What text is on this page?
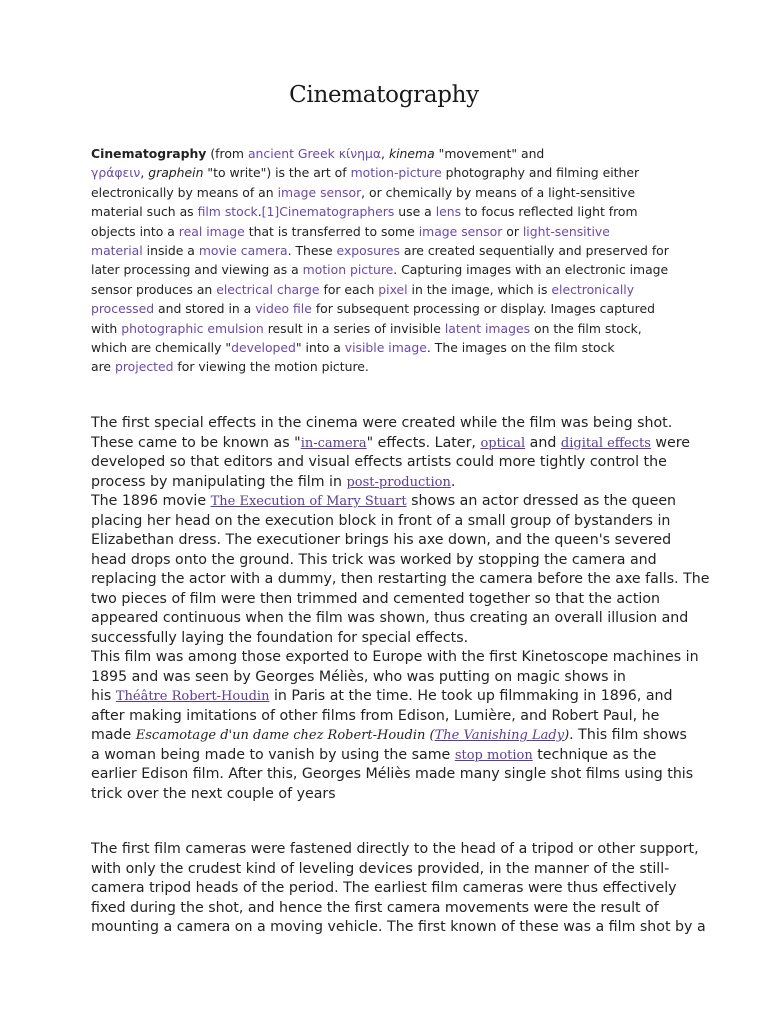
Cinematography
Cinematography (from ancient Greek κίνημα, kinema "movement" and
γράφειν, graphein "to write") is the art of motion-picture photography and filming either
electronically by means of an image sensor, or chemically by means of a light-sensitive
material such as film stock.[1]Cinematographers use a lens to focus reflected light from
objects into a real image that is transferred to some image sensor or light-sensitive
material inside a movie camera. These exposures are created sequentially and preserved for
later processing and viewing as a motion picture. Capturing images with an electronic image
sensor produces an electrical charge for each pixel in the image, which is electronically
processed and stored in a video file for subsequent processing or display. Images captured
with photographic emulsion result in a series of invisible latent images on the film stock,
which are chemically "developed" into a visible image. The images on the film stock
are projected for viewing the motion picture.
The first special effects in the cinema were created while the film was being shot.
These came to be known as "in-camera" effects. Later, optical and digital effects were
developed so that editors and visual effects artists could more tightly control the
process by manipulating the film in post-production.
The 1896 movie The Execution of Mary Stuart shows an actor dressed as the queen
placing her head on the execution block in front of a small group of bystanders in
Elizabethan dress. The executioner brings his axe down, and the queen's severed
head drops onto the ground. This trick was worked by stopping the camera and
replacing the actor with a dummy, then restarting the camera before the axe falls. The
two pieces of film were then trimmed and cemented together so that the action
appeared continuous when the film was shown, thus creating an overall illusion and
successfully laying the foundation for special effects.
This film was among those exported to Europe with the first Kinetoscope machines in
1895 and was seen by Georges Méliès, who was putting on magic shows in
his Théâtre Robert-Houdin in Paris at the time. He took up filmmaking in 1896, and
after making imitations of other films from Edison, Lumière, and Robert Paul, he
made Escamotage d'un dame chez Robert-Houdin (The Vanishing Lady). This film shows
a woman being made to vanish by using the same stop motion technique as the
earlier Edison film. After this, Georges Méliès made many single shot films using this
trick over the next couple of years
The first film cameras were fastened directly to the head of a tripod or other support,
with only the crudest kind of leveling devices provided, in the manner of the still-
camera tripod heads of the period. The earliest film cameras were thus effectively
fixed during the shot, and hence the first camera movements were the result of
mounting a camera on a moving vehicle. The first known of these was a film shot by a
